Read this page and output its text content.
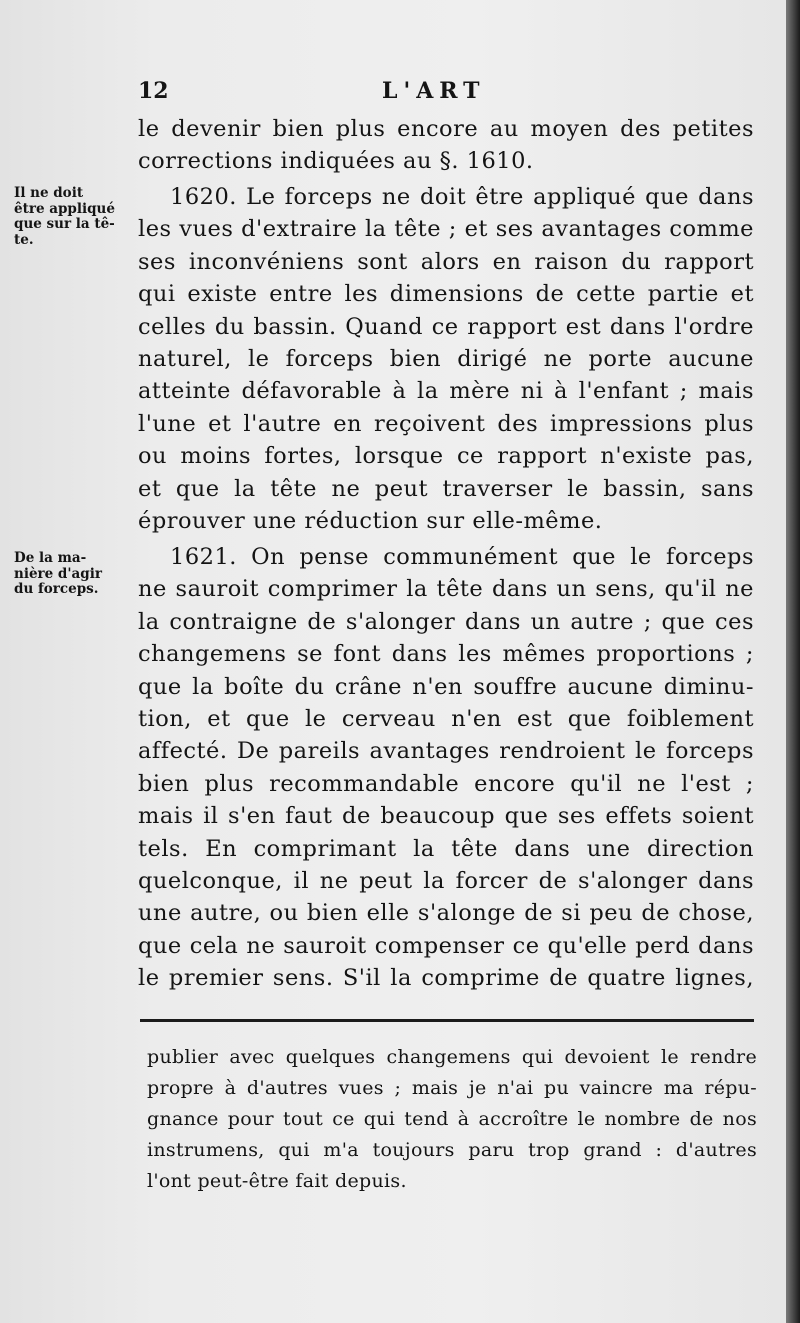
12	L'ART
le devenir bien plus encore au moyen des petites
corrections indiquées au §. 1610.
Il ne doit
être appliqué
que sur la tê-
te.
1620. Le forceps ne doit être appliqué que dans
les vues d'extraire la tête ; et ses avantages comme
ses inconvéniens sont alors en raison du rapport
qui existe entre les dimensions de cette partie et
celles du bassin. Quand ce rapport est dans l'ordre
naturel, le forceps bien dirigé ne porte aucune
atteinte défavorable à la mère ni à l'enfant ; mais
l'une et l'autre en reçoivent des impressions plus
ou moins fortes, lorsque ce rapport n'existe pas,
et que la tête ne peut traverser le bassin, sans
éprouver une réduction sur elle-même.
De la ma-
nière d'agir
du forceps.
1621. On pense communément que le forceps
ne sauroit comprimer la tête dans un sens, qu'il ne
la contraigne de s'alonger dans un autre ; que ces
changemens se font dans les mêmes proportions ;
que la boîte du crâne n'en souffre aucune diminu-
tion, et que le cerveau n'en est que foiblement
affecté. De pareils avantages rendroient le forceps
bien plus recommandable encore qu'il ne l'est ;
mais il s'en faut de beaucoup que ses effets soient
tels. En comprimant la tête dans une direction
quelconque, il ne peut la forcer de s'alonger dans
une autre, ou bien elle s'alonge de si peu de chose,
que cela ne sauroit compenser ce qu'elle perd dans
le premier sens. S'il la comprime de quatre lignes,
publier avec quelques changemens qui devoient le rendre
propre à d'autres vues ; mais je n'ai pu vaincre ma répu-
gnance pour tout ce qui tend à accroître le nombre de nos
instrumens, qui m'a toujours paru trop grand : d'autres
l'ont peut-être fait depuis.
